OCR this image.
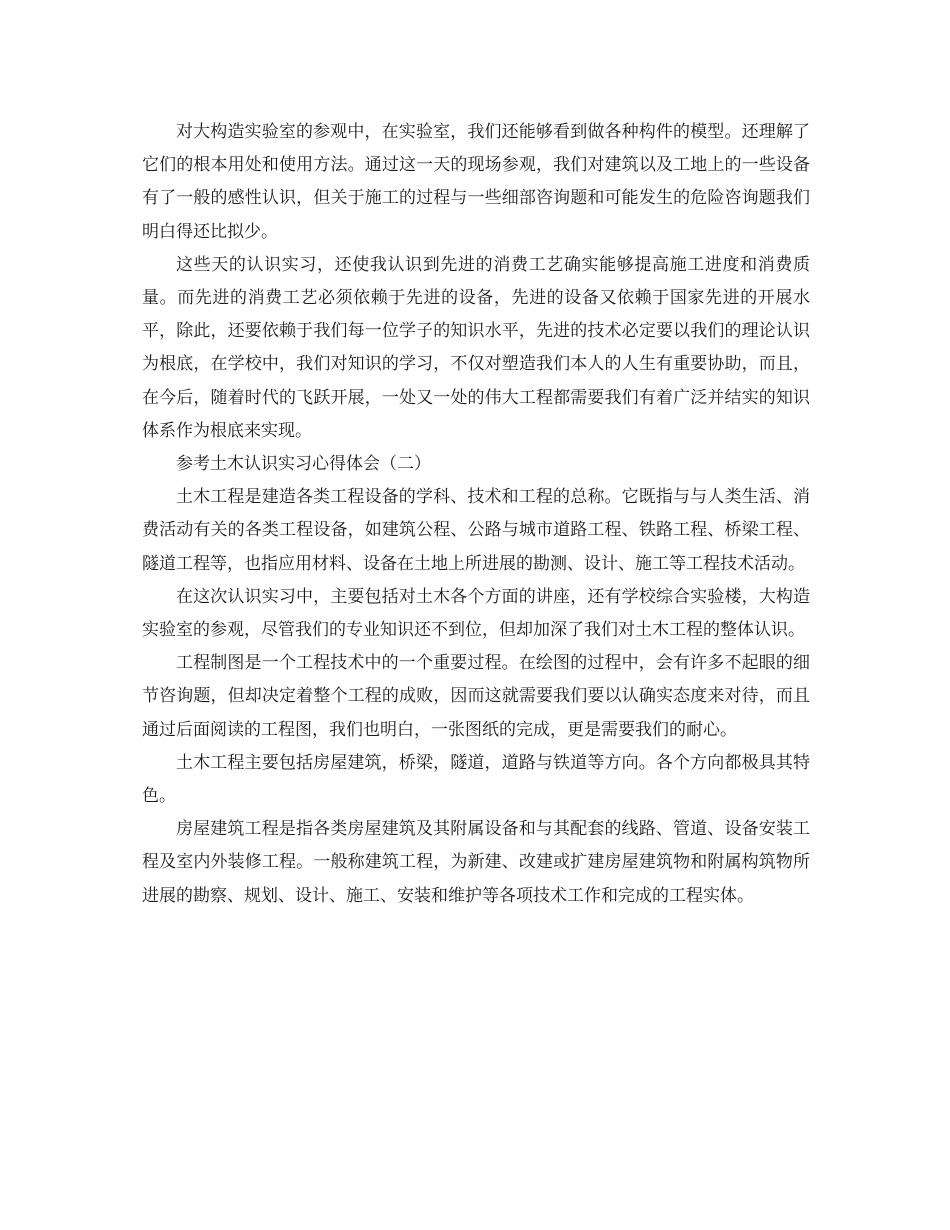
对大构造实验室的参观中，在实验室，我们还能够看到做各种构件的模型。还理解了它们的根本用处和使用方法。通过这一天的现场参观，我们对建筑以及工地上的一些设备有了一般的感性认识，但关于施工的过程与一些细部咨询题和可能发生的危险咨询题我们明白得还比拟少。

这些天的认识实习，还使我认识到先进的消费工艺确实能够提高施工进度和消费质量。而先进的消费工艺必须依赖于先进的设备，先进的设备又依赖于国家先进的开展水平，除此，还要依赖于我们每一位学子的知识水平，先进的技术必定要以我们的理论认识为根底，在学校中，我们对知识的学习，不仅对塑造我们本人的人生有重要协助，而且，在今后，随着时代的飞跃开展，一处又一处的伟大工程都需要我们有着广泛并结实的知识体系作为根底来实现。

参考土木认识实习心得体会（二）

土木工程是建造各类工程设备的学科、技术和工程的总称。它既指与与人类生活、消费活动有关的各类工程设备，如建筑公程、公路与城市道路工程、铁路工程、桥梁工程、隧道工程等，也指应用材料、设备在土地上所进展的勘测、设计、施工等工程技术活动。

在这次认识实习中，主要包括对土木各个方面的讲座，还有学校综合实验楼，大构造实验室的参观，尽管我们的专业知识还不到位，但却加深了我们对土木工程的整体认识。

工程制图是一个工程技术中的一个重要过程。在绘图的过程中，会有许多不起眼的细节咨询题，但却决定着整个工程的成败，因而这就需要我们要以认确实态度来对待，而且通过后面阅读的工程图，我们也明白，一张图纸的完成，更是需要我们的耐心。

土木工程主要包括房屋建筑，桥梁，隧道，道路与铁道等方向。各个方向都极具其特色。

房屋建筑工程是指各类房屋建筑及其附属设备和与其配套的线路、管道、设备安装工程及室内外装修工程。一般称建筑工程，为新建、改建或扩建房屋建筑物和附属构筑物所进展的勘察、规划、设计、施工、安装和维护等各项技术工作和完成的工程实体。
